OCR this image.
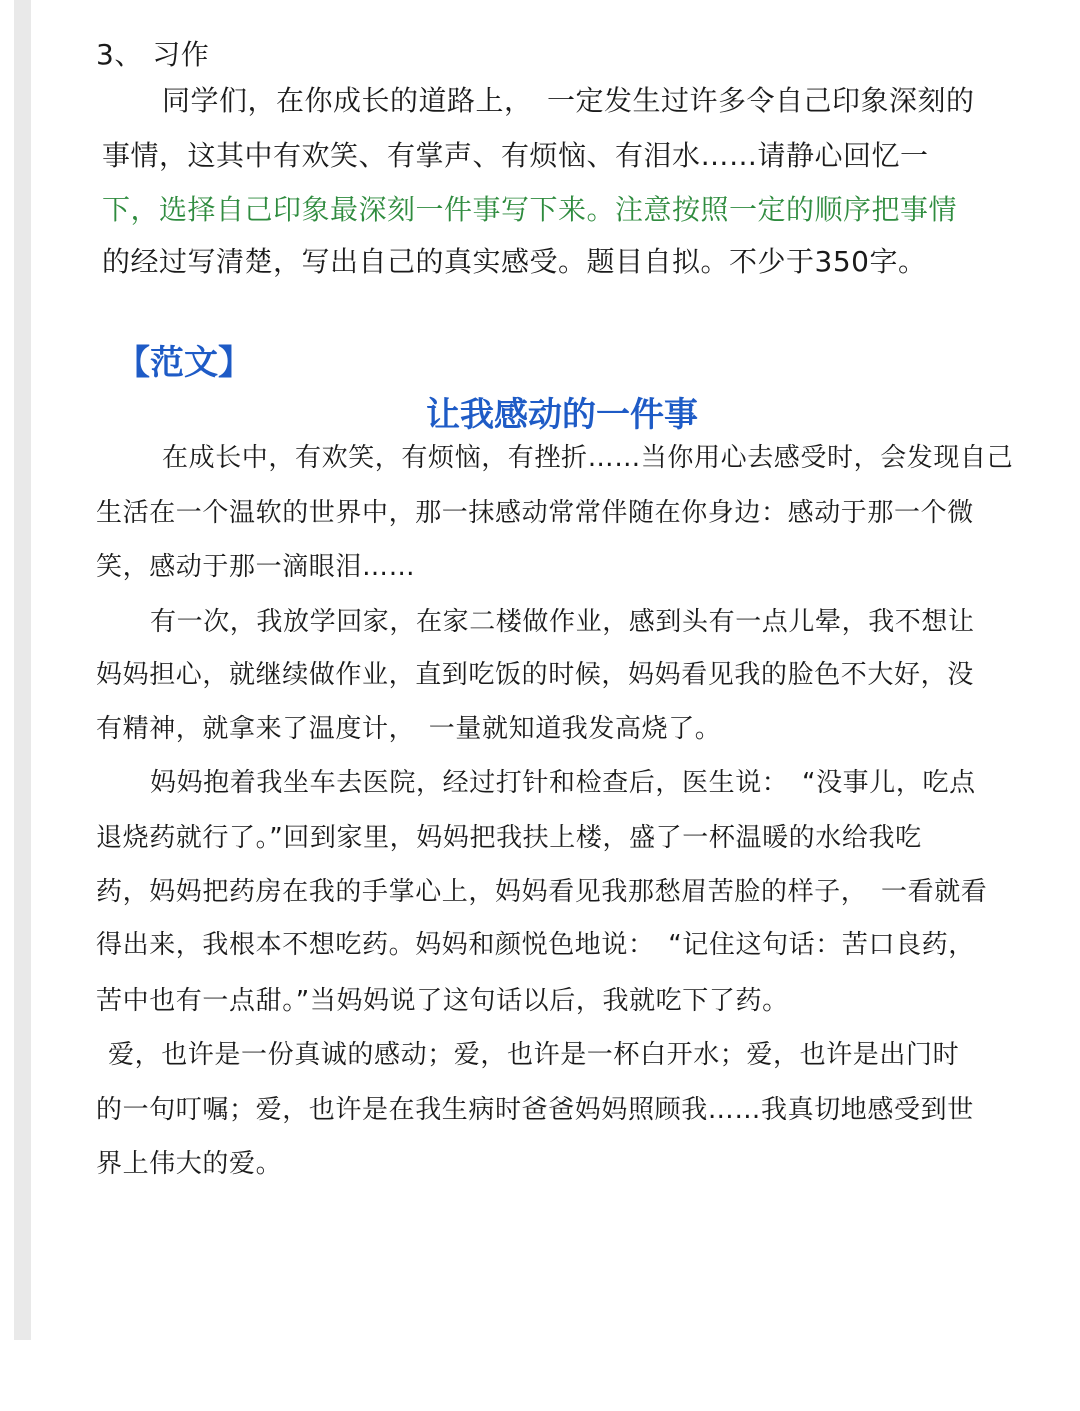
3、 习作
同学们，在你成长的道路上，　一定发生过许多令自己印象深刻的
事情，这其中有欢笑、有掌声、有烦恼、有泪水……请静心回忆一
下，选择自己印象最深刻一件事写下来。注意按照一定的顺序把事情
的经过写清楚，写出自己的真实感受。题目自拟。不少于350字。
【范文】
让我感动的一件事
在成长中，有欢笑，有烦恼，有挫折……当你用心去感受时，会发现自己
生活在一个温软的世界中，那一抹感动常常伴随在你身边：感动于那一个微
笑，感动于那一滴眼泪……
有一次，我放学回家，在家二楼做作业，感到头有一点儿晕，我不想让
妈妈担心，就继续做作业，直到吃饭的时候，妈妈看见我的脸色不大好，没
有精神，就拿来了温度计，　一量就知道我发高烧了。
妈妈抱着我坐车去医院，经过打针和检查后，医生说：　“没事儿，吃点
退烧药就行了。”回到家里，妈妈把我扶上楼，盛了一杯温暖的水给我吃
药，妈妈把药房在我的手掌心上，妈妈看见我那愁眉苦脸的样子，　一看就看
得出来，我根本不想吃药。妈妈和颜悦色地说：　“记住这句话：苦口良药，
苦中也有一点甜。”当妈妈说了这句话以后，我就吃下了药。
爱，也许是一份真诚的感动；爱，也许是一杯白开水；爱，也许是出门时
的一句叮嘱；爱，也许是在我生病时爸爸妈妈照顾我……我真切地感受到世
界上伟大的爱。
